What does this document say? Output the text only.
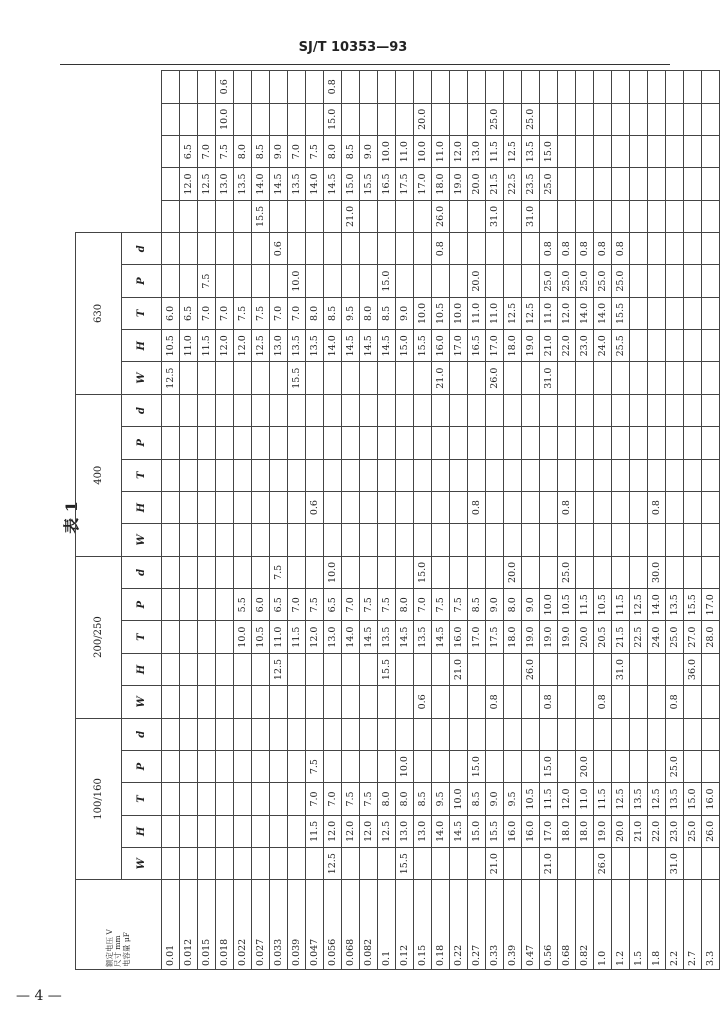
SJ/T 10353—93
表 1
— 4 —
额定电压 V
尺寸 mm
电容量 μF	100/160					200/250					400					630									
	W	H	T	P	d	W	H	T	P	d	W	H	T	P	d	W	H	T	P	d					
0.01																12.5	10.5	6.0							
0.012																	11.0	6.5				12.0	6.5		
0.015																	11.5	7.0	7.5			12.5	7.0		
0.018																	12.0	7.0				13.0	7.5	10.0	0.6
0.022								10.0	5.5								12.0	7.5				13.5	8.0		
0.027								10.5	6.0								12.5	7.5			15.5	14.0	8.5		
0.033							12.5	11.0	6.5	7.5							13.0	7.0		0.6		14.5	9.0		
0.039								11.5	7.0							15.5	13.5	7.0	10.0			13.5	7.0		
0.047		11.5	7.0	7.5				12.0	7.5			0.6					13.5	8.0				14.0	7.5		
0.056	12.5	12.0	7.0					13.0	6.5	10.0							14.0	8.5				14.5	8.0	15.0	0.8
0.068		12.0	7.5					14.0	7.0								14.5	9.5			21.0	15.0	8.5		
0.082		12.0	7.5					14.5	7.5								14.5	8.0				15.5	9.0		
0.1		12.5	8.0				15.5	13.5	7.5								14.5	8.5	15.0			16.5	10.0		
0.12	15.5	13.0	8.0	10.0				14.5	8.0								15.0	9.0				17.5	11.0		
0.15		13.0	8.5			0.6		13.5	7.0	15.0							15.5	10.0				17.0	10.0	20.0	
0.18		14.0	9.5					14.5	7.5							21.0	16.0	10.5		0.8	26.0	18.0	11.0		
0.22		14.5	10.0				21.0	16.0	7.5								17.0	10.0				19.0	12.0		
0.27		15.0	8.5	15.0				17.0	8.5			0.8					16.5	11.0	20.0			20.0	13.0		
0.33	21.0	15.5	9.0			0.8		17.5	9.0							26.0	17.0	11.0			31.0	21.5	11.5	25.0	
0.39		16.0	9.5					18.0	8.0	20.0							18.0	12.5				22.5	12.5		
0.47		16.0	10.5				26.0	19.0	9.0								19.0	12.5			31.0	23.5	13.5	25.0	
0.56	21.0	17.0	11.5	15.0		0.8		19.0	10.0							31.0	21.0	11.0	25.0	0.8		25.0	15.0		
0.68		18.0	12.0					19.0	10.5	25.0		0.8					22.0	12.0	25.0	0.8					
0.82		18.0	11.0	20.0				20.0	11.5								23.0	14.0	25.0	0.8					
1.0	26.0	19.0	11.5			0.8		20.5	10.5								24.0	14.0	25.0	0.8					
1.2		20.0	12.5				31.0	21.5	11.5								25.5	15.5	25.0	0.8					
1.5		21.0	13.5					22.5	12.5																
1.8		22.0	12.5					24.0	14.0	30.0		0.8													
2.2	31.0	23.0	13.5	25.0		0.8		25.0	13.5																
2.7		25.0	15.0				36.0	27.0	15.5																
3.3		26.0	16.0					28.0	17.0																
